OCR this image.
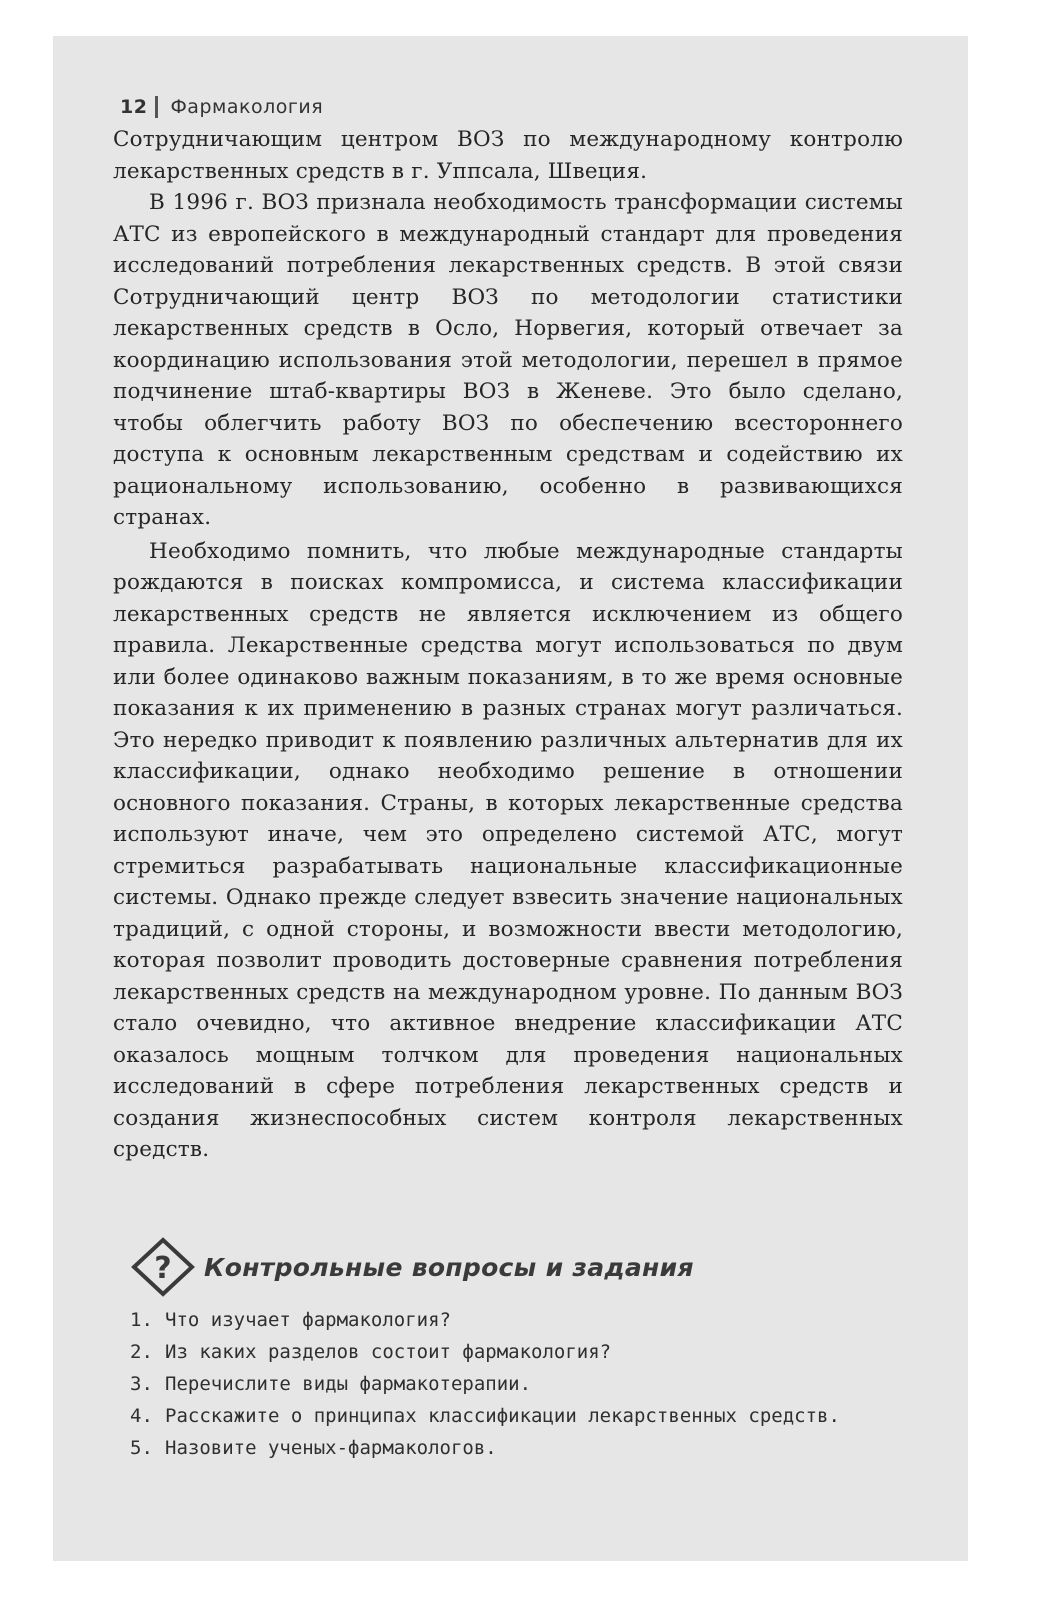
12 Фармакология

Сотрудничающим центром ВОЗ по международному контролю лекарственных средств в г. Уппсала, Швеция.

В 1996 г. ВОЗ признала необходимость трансформации системы АТС из европейского в международный стандарт для проведения исследований потребления лекарственных средств. В этой связи Сотрудничающий центр ВОЗ по методологии статистики лекарственных средств в Осло, Норвегия, который отвечает за координацию использования этой методологии, перешел в прямое подчинение штаб-квартиры ВОЗ в Женеве. Это было сделано, чтобы облегчить работу ВОЗ по обеспечению всестороннего доступа к основным лекарственным средствам и содействию их рациональному использованию, особенно в развивающихся странах.

Необходимо помнить, что любые международные стандарты рождаются в поисках компромисса, и система классификации лекарственных средств не является исключением из общего правила. Лекарственные средства могут использоваться по двум или более одинаково важным показаниям, в то же время основные показания к их применению в разных странах могут различаться. Это нередко приводит к появлению различных альтернатив для их классификации, однако необходимо решение в отношении основного показания. Страны, в которых лекарственные средства используют иначе, чем это определено системой АТС, могут стремиться разрабатывать национальные классификационные системы. Однако прежде следует взвесить значение национальных традиций, с одной стороны, и возможности ввести методологию, которая позволит проводить достоверные сравнения потребления лекарственных средств на международном уровне. По данным ВОЗ стало очевидно, что активное внедрение классификации АТС оказалось мощным толчком для проведения национальных исследований в сфере потребления лекарственных средств и создания жизнеспособных систем контроля лекарственных средств.

? Контрольные вопросы и задания
1. Что изучает фармакология?
2. Из каких разделов состоит фармакология?
3. Перечислите виды фармакотерапии.
4. Расскажите о принципах классификации лекарственных средств.
5. Назовите ученых-фармакологов.
